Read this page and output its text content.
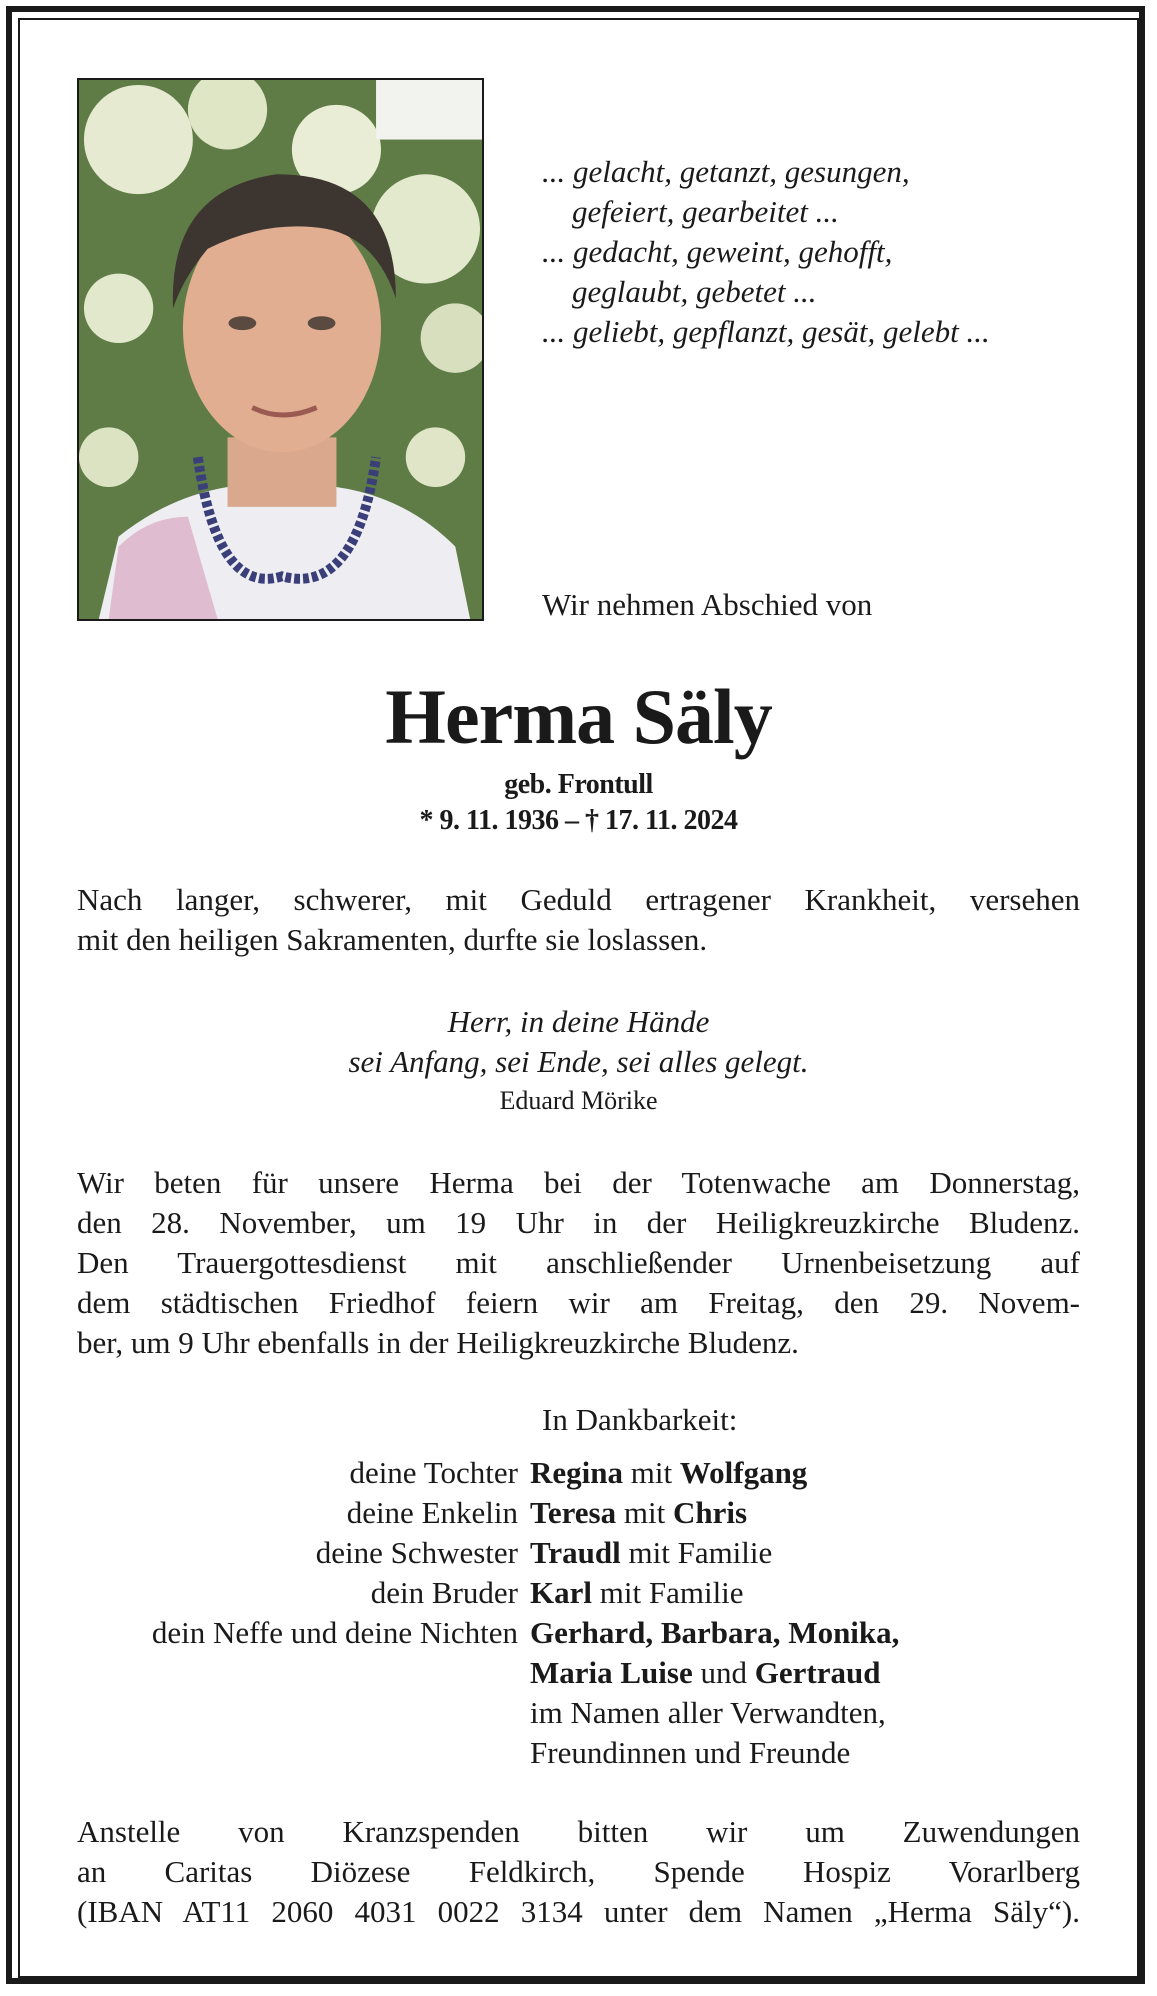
... gelacht, getanzt, gesungen,
gefeiert, gearbeitet ...
... gedacht, geweint, gehofft,
geglaubt, gebetet ...
... geliebt, gepflanzt, gesät, gelebt ...
Wir nehmen Abschied von
Herma Säly
geb. Frontull
* 9. 11. 1936 – † 17. 11. 2024
Nach langer, schwerer, mit Geduld ertragener Krankheit, versehen
mit den heiligen Sakramenten, durfte sie loslassen.
Herr, in deine Hände
sei Anfang, sei Ende, sei alles gelegt.
Eduard Mörike
Wir beten für unsere Herma bei der Totenwache am Donnerstag,
den 28. November, um 19 Uhr in der Heiligkreuzkirche Bludenz.
Den Trauergottesdienst mit anschließender Urnenbeisetzung auf
dem städtischen Friedhof feiern wir am Freitag, den 29. Novem-
ber, um 9 Uhr ebenfalls in der Heiligkreuzkirche Bludenz.
In Dankbarkeit:
deine Tochter Regina mit Wolfgang
deine Enkelin Teresa mit Chris
deine Schwester Traudl mit Familie
dein Bruder Karl mit Familie
dein Neffe und deine Nichten Gerhard, Barbara, Monika,
Maria Luise und Gertraud
im Namen aller Verwandten,
Freundinnen und Freunde
Anstelle von Kranzspenden bitten wir um Zuwendungen
an Caritas Diözese Feldkirch, Spende Hospiz Vorarlberg
(IBAN AT11 2060 4031 0022 3134 unter dem Namen „Herma Säly“).
